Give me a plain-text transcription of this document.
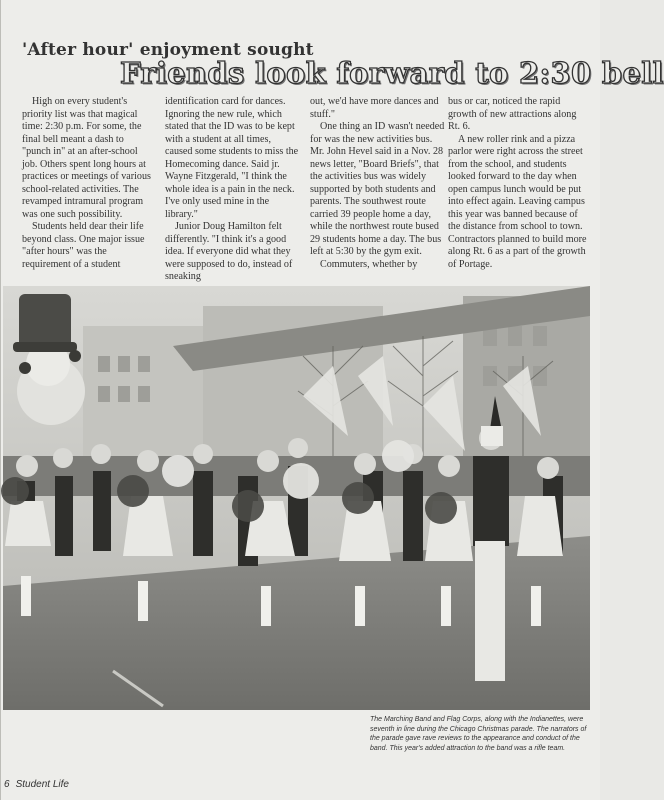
'After hour' enjoyment sought
Friends look forward to 2:30 bell

High on every student's priority list was that magical time: 2:30 p.m. For some, the final bell meant a dash to "punch in" at an after-school job. Others spent long hours at practices or meetings of various school-related activities. The revamped intramural program was one such possibility.

Students held dear their life beyond class. One major issue "after hours" was the requirement of a student

identification card for dances. Ignoring the new rule, which stated that the ID was to be kept with a student at all times, caused some students to miss the Homecoming dance. Said jr. Wayne Fitzgerald, "I think the whole idea is a pain in the neck. I've only used mine in the library."

Junior Doug Hamilton felt differently. "I think it's a good idea. If everyone did what they were supposed to do, instead of sneaking

out, we'd have more dances and stuff."

One thing an ID wasn't needed for was the new activities bus. Mr. John Hevel said in a Nov. 28 news letter, "Board Briefs", that the activities bus was widely supported by both students and parents. The southwest route carried 39 people home a day, while the northwest route bused 29 students home a day. The bus left at 5:30 by the gym exit.

Commuters, whether by

bus or car, noticed the rapid growth of new attractions along Rt. 6.

A new roller rink and a pizza parlor were right across the street from the school, and students looked forward to the day when open campus lunch would be put into effect again. Leaving campus this year was banned because of the distance from school to town. Contractors planned to build more along Rt. 6 as a part of the growth of Portage.

The Marching Band and Flag Corps, along with the Indianettes, were seventh in line during the Chicago Christmas parade. The narrators of the parade gave rave reviews to the appearance and conduct of the band. This year's added attraction to the band was a rifle team.
6 Student Life
